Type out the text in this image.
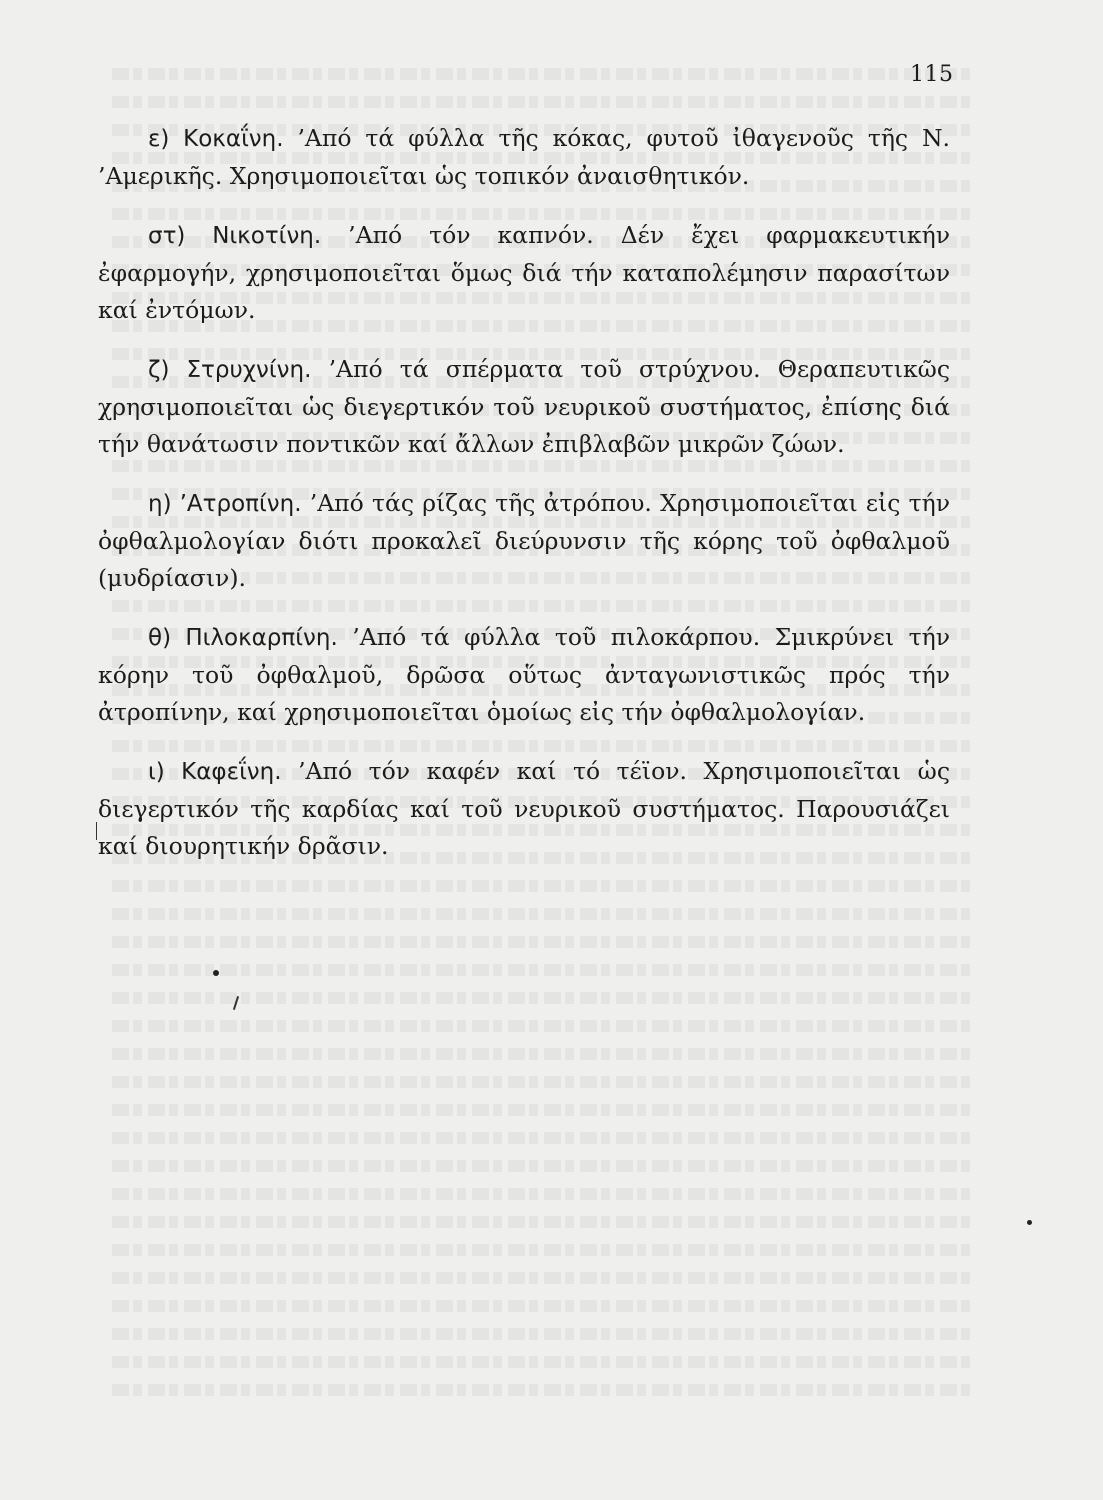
115

ε) Κοκαΐνη. ’Από τά φύλλα τῆς κόκας, φυτοῦ ἰθαγενοῦς τῆς Ν. ’Αμερικῆς. Χρησιμοποιεῖται ὡς τοπικόν ἀναισθητικόν.

στ) Νικοτίνη. ’Από τόν καπνόν. Δέν ἔχει φαρμακευτικήν ἐφαρμογήν, χρησιμοποιεῖται ὅμως διά τήν καταπολέμησιν παρασίτων καί ἐντόμων.

ζ) Στρυχνίνη. ’Από τά σπέρματα τοῦ στρύχνου. Θεραπευτικῶς χρησιμοποιεῖται ὡς διεγερτικόν τοῦ νευρικοῦ συστήματος, ἐπίσης διά τήν θανάτωσιν ποντικῶν καί ἄλλων ἐπιβλαβῶν μικρῶν ζώων.

η) ’Ατροπίνη. ’Από τάς ρίζας τῆς ἀτρόπου. Χρησιμοποιεῖται εἰς τήν ὀφθαλμολογίαν διότι προκαλεῖ διεύρυνσιν τῆς κόρης τοῦ ὀφθαλμοῦ (μυδρίασιν).

θ) Πιλοκαρπίνη. ’Από τά φύλλα τοῦ πιλοκάρπου. Σμικρύνει τήν κόρην τοῦ ὀφθαλμοῦ, δρῶσα οὕτως ἀνταγωνιστικῶς πρός τήν ἀτροπίνην, καί χρησιμοποιεῖται ὁμοίως εἰς τήν ὀφθαλμολογίαν.

ι) Καφεΐνη. ’Από τόν καφέν καί τό τέϊον. Χρησιμοποιεῖται ὡς διεγερτικόν τῆς καρδίας καί τοῦ νευρικοῦ συστήματος. Παρουσιάζει καί διουρητικήν δρᾶσιν.
